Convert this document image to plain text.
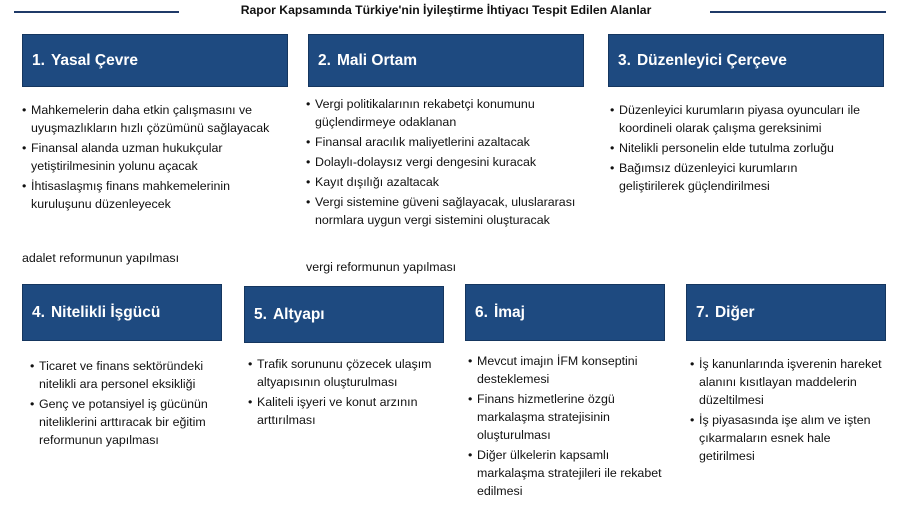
Rapor Kapsamında Türkiye'nin İyileştirme İhtiyacı Tespit Edilen Alanlar
1. Yasal Çevre
• Mahkemelerin daha etkin çalışmasını ve uyuşmazlıkların hızlı çözümünü sağlayacak
• Finansal alanda uzman hukukçular yetiştirilmesinin yolunu açacak
• İhtisaslaşmış finans mahkemelerinin kuruluşunu düzenleyecek
adalet reformunun yapılması
2. Mali Ortam
• Vergi politikalarının rekabetçi konumunu güçlendirmeye odaklanan
• Finansal aracılık maliyetlerini azaltacak
• Dolaylı-dolaysız vergi dengesini kuracak
• Kayıt dışılığı azaltacak
• Vergi sistemine güveni sağlayacak, uluslararası normlara uygun vergi sistemini oluşturacak
vergi reformunun yapılması
3. Düzenleyici Çerçeve
• Düzenleyici kurumların piyasa oyuncuları ile koordineli olarak çalışma gereksinimi
• Nitelikli personelin elde tutulma zorluğu
• Bağımsız düzenleyici kurumların geliştirilerek güçlendirilmesi
4. Nitelikli İşgücü
• Ticaret ve finans sektöründeki nitelikli ara personel eksikliği
• Genç ve potansiyel iş gücünün niteliklerini arttıracak bir eğitim reformunun yapılması
5. Altyapı
• Trafik sorununu çözecek ulaşım altyapısının oluşturulması
• Kaliteli işyeri ve konut arzının arttırılması
6. İmaj
• Mevcut imajın İFM konseptini desteklemesi
• Finans hizmetlerine özgü markalaşma stratejisinin oluşturulması
• Diğer ülkelerin kapsamlı markalaşma stratejileri ile rekabet edilmesi
7. Diğer
• İş kanunlarında işverenin hareket alanını kısıtlayan maddelerin düzeltilmesi
• İş piyasasında işe alım ve işten çıkarmaların esnek hale getirilmesi
